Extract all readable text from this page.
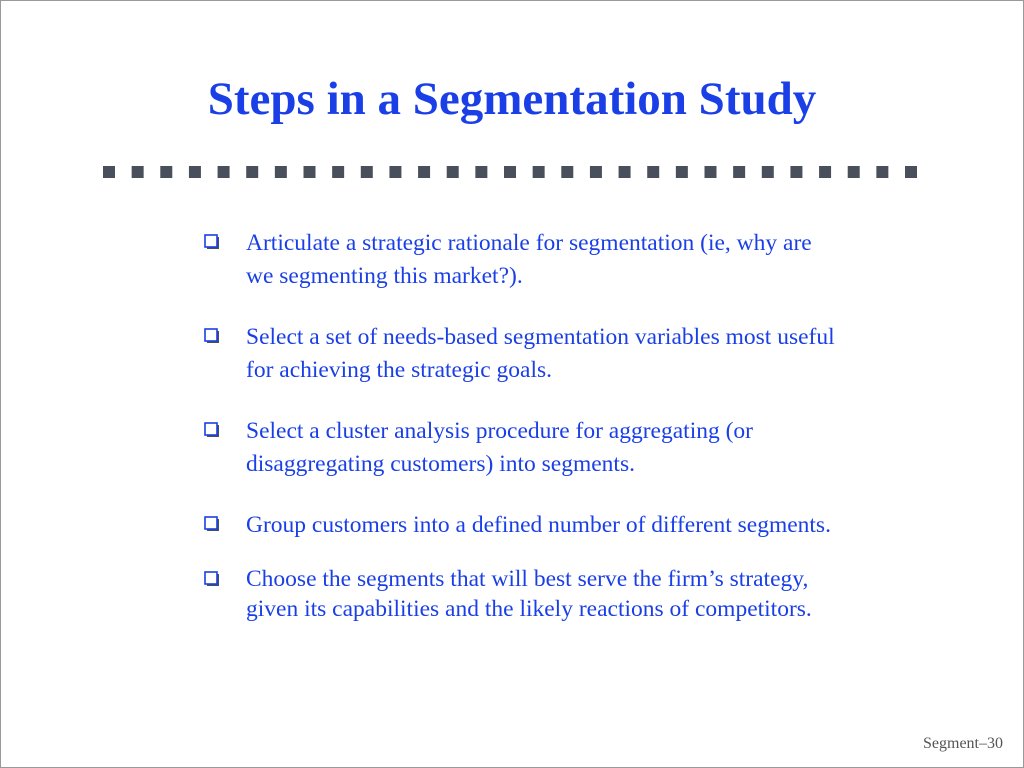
Steps in a Segmentation Study
Articulate a strategic rationale for segmentation (ie, why are we segmenting this market?).
Select a set of needs-based segmentation variables most useful for achieving the strategic goals.
Select a cluster analysis procedure for aggregating (or disaggregating customers) into segments.
Group customers into a defined number of different segments.
Choose the segments that will best serve the firm’s strategy, given its capabilities and the likely reactions of competitors.
Segment–30
